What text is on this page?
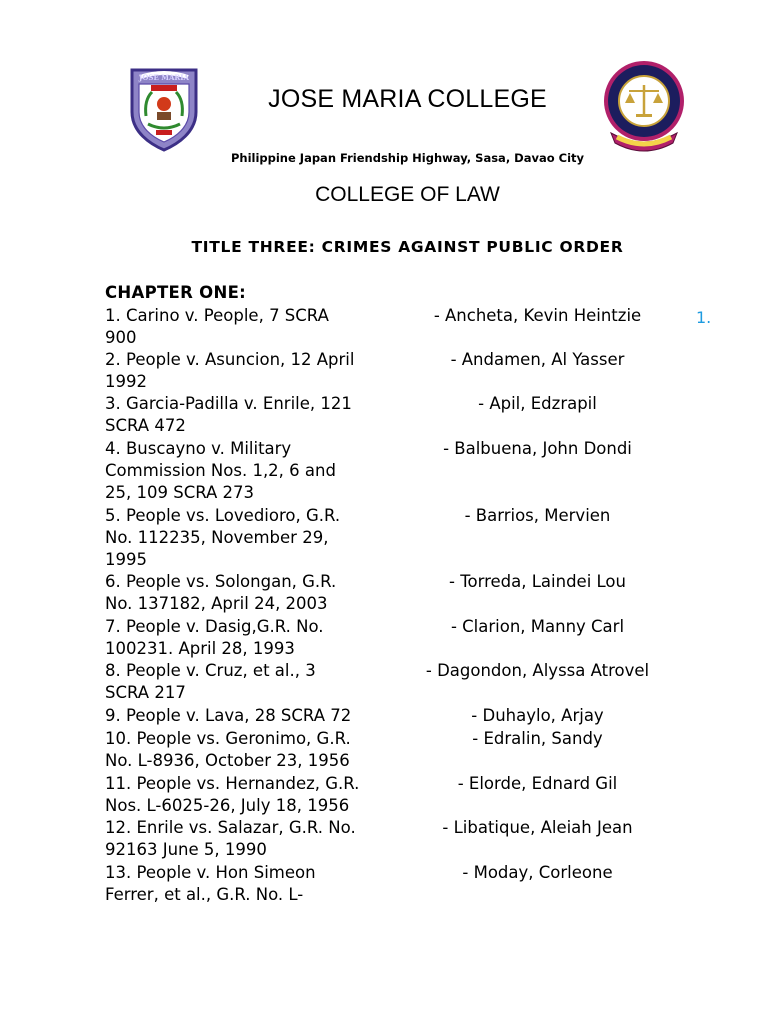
JOSE MARIA
JOSE MARIA COLLEGE
Philippine Japan Friendship Highway, Sasa, Davao City
COLLEGE OF LAW
TITLE THREE: CRIMES AGAINST PUBLIC ORDER
CHAPTER ONE:
1.
1. Carino v. People, 7 SCRA
900
- Ancheta, Kevin Heintzie
2. People v. Asuncion, 12 April
1992
- Andamen, Al Yasser
3. Garcia-Padilla v. Enrile, 121
SCRA 472
- Apil, Edzrapil
4. Buscayno v. Military
Commission Nos. 1,2, 6 and
25, 109 SCRA 273
- Balbuena, John Dondi
5. People vs. Lovedioro, G.R.
No. 112235, November 29,
1995
- Barrios, Mervien
6. People vs. Solongan, G.R.
No. 137182, April 24, 2003
- Torreda, Laindei Lou
7. People v. Dasig,G.R. No.
100231. April 28, 1993
- Clarion, Manny Carl
8. People v. Cruz, et al., 3
SCRA 217
- Dagondon, Alyssa Atrovel
9. People v. Lava, 28 SCRA 72	- Duhaylo, Arjay
10. People vs. Geronimo, G.R.
No. L-8936, October 23, 1956
- Edralin, Sandy
11. People vs. Hernandez, G.R.
Nos. L-6025-26, July 18, 1956
- Elorde, Ednard Gil
12. Enrile vs. Salazar, G.R. No.
92163 June 5, 1990
- Libatique, Aleiah Jean
13. People v. Hon Simeon
Ferrer, et al., G.R. No. L-
- Moday, Corleone
